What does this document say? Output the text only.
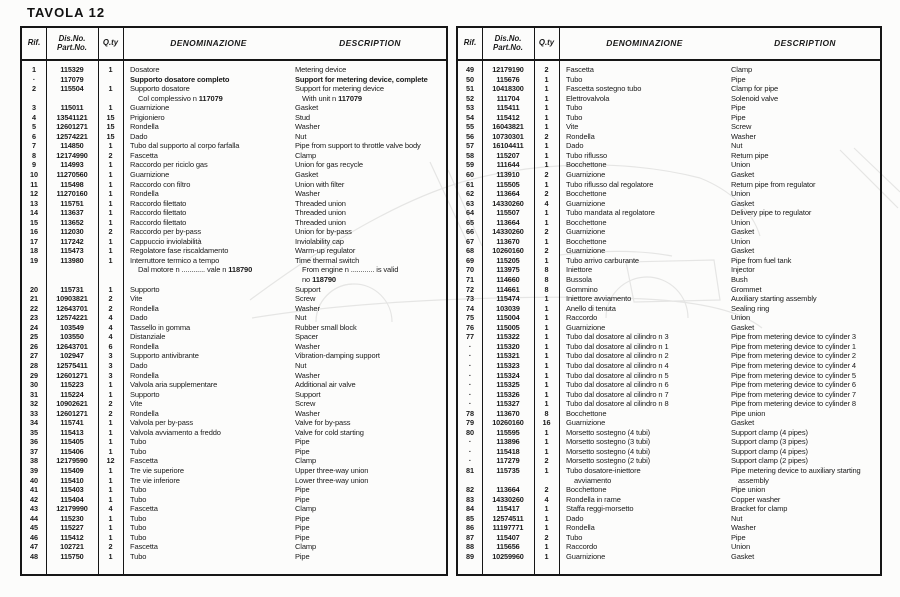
TAVOLA 12
Rif.	Dis.No.
Part.No.	Q.ty	DENOMINAZIONE	DESCRIPTION
1	115329	1	Dosatore	Metering device
·	117079	Supporto dosatore completo	Support for metering device, complete
2	115504	1	Supporto dosatore	Support for metering device
Col complessivo n 117079	With unit n 117079
3	115011	1	Guarnizione	Gasket
4	13541121	15	Prigioniero	Stud
5	12601271	15	Rondella	Washer
6	12574221	15	Dado	Nut
7	114850	1	Tubo dal supporto al corpo farfalla	Pipe from support to throttle valve body
8	12174990	2	Fascetta	Clamp
9	114993	1	Raccordo per riciclo gas	Union for gas recycle
10	11270560	1	Guarnizione	Gasket
11	115498	1	Raccordo con filtro	Union with filter
12	11270160	1	Rondella	Washer
13	115751	1	Raccordo filettato	Threaded union
14	113637	1	Raccordo filettato	Threaded union
15	113652	1	Raccordo filettato	Threaded union
16	112030	2	Raccordo per by-pass	Union for by-pass
17	117242	1	Cappuccio inviolabilità	Inviolability cap
18	115473	1	Regolatore fase riscaldamento	Warm-up regulator
19	113980	1	Interruttore termico a tempo	Time thermal switch
Dal motore n ............ vale n 118790	From engine n ............ is valid
no 118790
20	115731	1	Supporto	Support
21	10903821	2	Vite	Screw
22	12643701	2	Rondella	Washer
23	12574221	4	Dado	Nut
24	103549	4	Tassello in gomma	Rubber small block
25	103550	4	Distanziale	Spacer
26	12643701	6	Rondella	Washer
27	102947	3	Supporto antivibrante	Vibration-damping support
28	12575411	3	Dado	Nut
29	12601271	3	Rondella	Washer
30	115223	1	Valvola aria supplementare	Additional air valve
31	115224	1	Supporto	Support
32	10902621	2	Vite	Screw
33	12601271	2	Rondella	Washer
34	115741	1	Valvola per by-pass	Valve for by-pass
35	115413	1	Valvola avviamento a freddo	Valve for cold starting
36	115405	1	Tubo	Pipe
37	115406	1	Tubo	Pipe
38	12179590	12	Fascetta	Clamp
39	115409	1	Tre vie superiore	Upper three-way union
40	115410	1	Tre vie inferiore	Lower three-way union
41	115403	1	Tubo	Pipe
42	115404	1	Tubo	Pipe
43	12179990	4	Fascetta	Clamp
44	115230	1	Tubo	Pipe
45	115227	1	Tubo	Pipe
46	115412	1	Tubo	Pipe
47	102721	2	Fascetta	Clamp
48	115750	1	Tubo	Pipe
Rif.	Dis.No.
Part.No.	Q.ty	DENOMINAZIONE	DESCRIPTION
49	12179190	2	Fascetta	Clamp
50	115676	1	Tubo	Pipe
51	10418300	1	Fascetta sostegno tubo	Clamp for pipe
52	111704	1	Elettrovalvola	Solenoid valve
53	115411	1	Tubo	Pipe
54	115412	1	Tubo	Pipe
55	16043821	1	Vite	Screw
56	10730301	2	Rondella	Washer
57	16104411	1	Dado	Nut
58	115207	1	Tubo riflusso	Return pipe
59	111644	1	Bocchettone	Union
60	113910	2	Guarnizione	Gasket
61	115505	1	Tubo riflusso dal regolatore	Return pipe from regulator
62	113664	2	Bocchettone	Union
63	14330260	4	Guarnizione	Gasket
64	115507	1	Tubo mandata al regolatore	Delivery pipe to regulator
65	113664	1	Bocchettone	Union
66	14330260	2	Guarnizione	Gasket
67	113670	1	Bocchettone	Union
68	10260160	2	Guarnizione	Gasket
69	115205	1	Tubo arrivo carburante	Pipe from fuel tank
70	113975	8	Iniettore	Injector
71	114660	8	Bussola	Bush
72	114661	8	Gommino	Grommet
73	115474	1	Iniettore avviamento	Auxiliary starting assembly
74	103039	1	Anello di tenuta	Sealing ring
75	115004	1	Raccordo	Union
76	115005	1	Guarnizione	Gasket
77	115322	1	Tubo dal dosatore al cilindro n 3	Pipe from metering device to cylinder 3
·	115320	1	Tubo dal dosatore al cilindro n 1	Pipe from metering device to cylinder 1
·	115321	1	Tubo dal dosatore al cilindro n 2	Pipe from metering device to cylinder 2
·	115323	1	Tubo dal dosatore al cilindro n 4	Pipe from metering device to cylinder 4
·	115324	1	Tubo dal dosatore al cilindro n 5	Pipe from metering device to cylinder 5
·	115325	1	Tubo dal dosatore al cilindro n 6	Pipe from metering device to cylinder 6
·	115326	1	Tubo dal dosatore al cilindro n 7	Pipe from metering device to cylinder 7
·	115327	1	Tubo dal dosatore al cilindro n 8	Pipe from metering device to cylinder 8
78	113670	8	Bocchettone	Pipe union
79	10260160	16	Guarnizione	Gasket
80	115595	1	Morsetto sostegno (4 tubi)	Support clamp (4 pipes)
·	113896	1	Morsetto sostegno (3 tubi)	Support clamp (3 pipes)
·	115418	1	Morsetto sostegno (4 tubi)	Support clamp (4 pipes)
·	117279	2	Morsetto sostegno (2 tubi)	Support clamp (2 pipes)
81	115735	1	Tubo dosatore-iniettore	Pipe metering device to auxiliary starting
avviamento	assembly
82	113664	2	Bocchettone	Pipe union
83	14330260	4	Rondella in rame	Copper washer
84	115417	1	Staffa reggi-morsetto	Bracket for clamp
85	12574511	1	Dado	Nut
86	11197771	1	Rondella	Washer
87	115407	2	Tubo	Pipe
88	115656	1	Raccordo	Union
89	10259960	1	Guarnizione	Gasket
